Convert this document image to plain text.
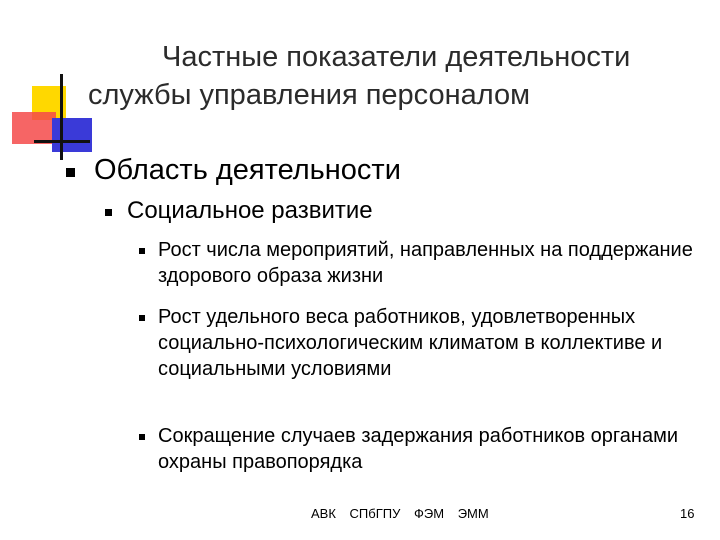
Частные показатели деятельности
службы управления персоналом
Область деятельности
Социальное развитие
Рост числа мероприятий, направленных на поддержание здорового образа жизни
Рост удельного веса работников, удовлетворенных социально-психологическим климатом в коллективе и социальными условиями
Сокращение случаев задержания работников органами охраны правопорядка
АВК СПбГПУ ФЭМ ЭММ	16
